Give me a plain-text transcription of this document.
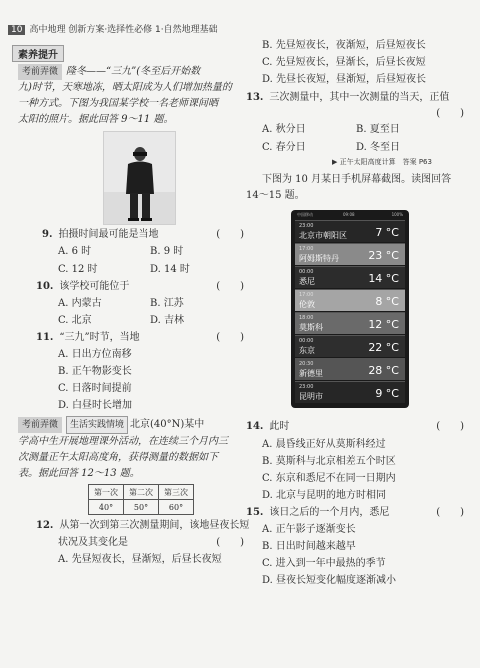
10 高中地理 创新方案·选择性必修 1·自然地理基础
素养提升
考前弄微 隆冬——“三九”(冬至后开始数
九)时节，天寒地冻，晒太阳成为人们增加热量的
一种方式。下图为我国某学校一名老师课间晒
太阳的照片。据此回答 9～11 题。
9. 拍摄时间最可能是当地	(　　)
A. 6 时	B. 9 时
C. 12 时	D. 14 时
10. 该学校可能位于	(　　)
A. 内蒙古	B. 江苏
C. 北京	D. 吉林
11. “三九”时节，当地	(　　)
A. 日出方位南移
B. 正午物影变长
C. 日落时间提前
D. 白昼时长增加
考前弄微 生活实践情境 北京(40°N)某中
学高中生开展地理课外活动，在连续三个月内三
次测量正午太阳高度角，获得测量的数据如下
表。据此回答 12～13 题。
第一次	第二次	第三次
40°	50°	60°
12. 从第一次到第三次测量期间，该地昼夜长短
状况及其变化是	(　　)
A. 先昼短夜长，昼渐短，后昼长夜短
B. 先昼短夜长，夜渐短，后昼短夜长
C. 先昼短夜长，昼渐长，后昼长夜短
D. 先昼长夜短，昼渐短，后昼短夜长
13. 三次测量中，其中一次测量的当天，正值
(　　)
A. 秋分日	B. 夏至日
C. 春分日	D. 冬至日
▶ 正午太阳高度计算　答案 P63
下图为 10 月某日手机屏幕截图。读图回答
14～15 题。
中国移动	09:08	100%
23:00
北京市朝阳区	7 °C
17:00
阿姆斯特丹	23 °C
00:00
悉尼	14 °C
17:00
伦敦	8 °C
18:00
莫斯科	12 °C
00:00
东京	22 °C
20:30
新德里	28 °C
23:00
昆明市	9 °C
14. 此时	(　　)
A. 晨昏线正好从莫斯科经过
B. 莫斯科与北京相差五个时区
C. 东京和悉尼不在同一日期内
D. 北京与昆明的地方时相同
15. 该日之后的一个月内，悉尼	(　　)
A. 正午影子逐渐变长
B. 日出时间越来越早
C. 进入到一年中最热的季节
D. 昼夜长短变化幅度逐渐减小
